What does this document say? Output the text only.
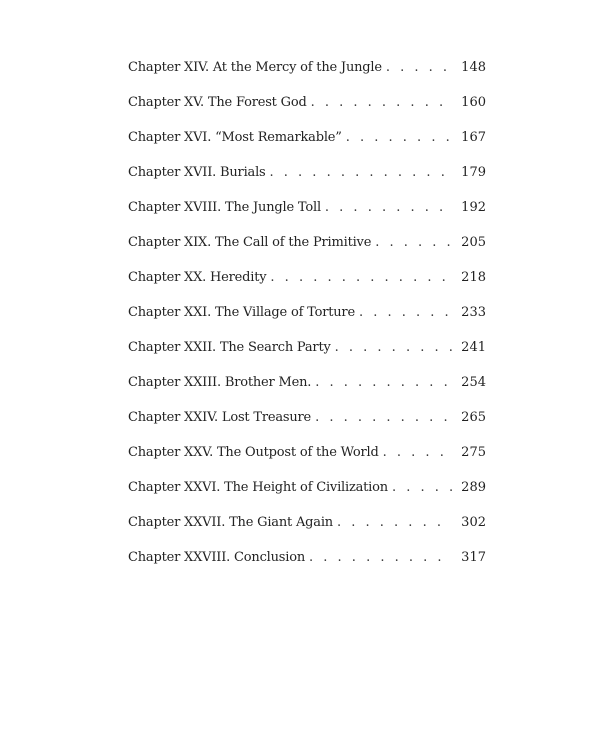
Chapter XIV. At the Mercy of the Jungle . . .	148
Chapter XV. The Forest God . . .	160
Chapter XVI. “Most Remarkable” . . .	167
Chapter XVII. Burials . . .	179
Chapter XVIII. The Jungle Toll . . .	192
Chapter XIX. The Call of the Primitive . . .	205
Chapter XX. Heredity . . .	218
Chapter XXI. The Village of Torture . . .	233
Chapter XXII. The Search Party . . .	241
Chapter XXIII. Brother Men. . . .	254
Chapter XXIV. Lost Treasure . . .	265
Chapter XXV. The Outpost of the World . . .	275
Chapter XXVI. The Height of Civilization . . .	289
Chapter XXVII. The Giant Again . . .	302
Chapter XXVIII. Conclusion . . .	317
